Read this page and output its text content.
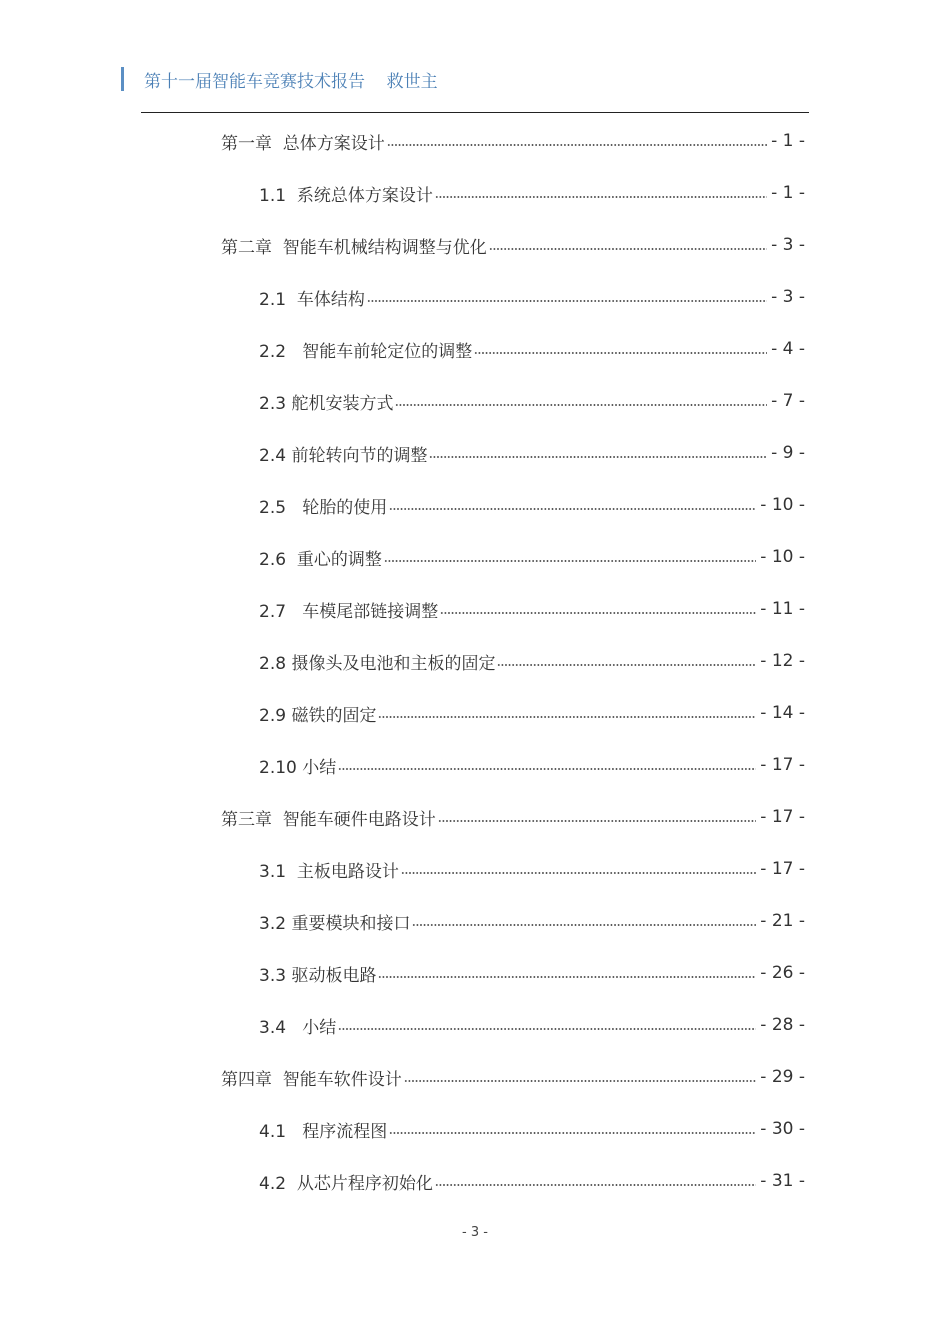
第十一届智能车竞赛技术报告    救世主
第一章  总体方案设计	- 1 -
1.1  系统总体方案设计	- 1 -
第二章  智能车机械结构调整与优化	- 3 -
2.1  车体结构	- 3 -
2.2   智能车前轮定位的调整	- 4 -
2.3 舵机安装方式	- 7 -
2.4 前轮转向节的调整	- 9 -
2.5   轮胎的使用	- 10 -
2.6  重心的调整	- 10 -
2.7   车模尾部链接调整	- 11 -
2.8 摄像头及电池和主板的固定	- 12 -
2.9 磁铁的固定	- 14 -
2.10 小结	- 17 -
第三章  智能车硬件电路设计	- 17 -
3.1  主板电路设计	- 17 -
3.2 重要模块和接口	- 21 -
3.3 驱动板电路	- 26 -
3.4   小结	- 28 -
第四章  智能车软件设计	- 29 -
4.1   程序流程图	- 30 -
4.2  从芯片程序初始化	- 31 -
- 3 -
